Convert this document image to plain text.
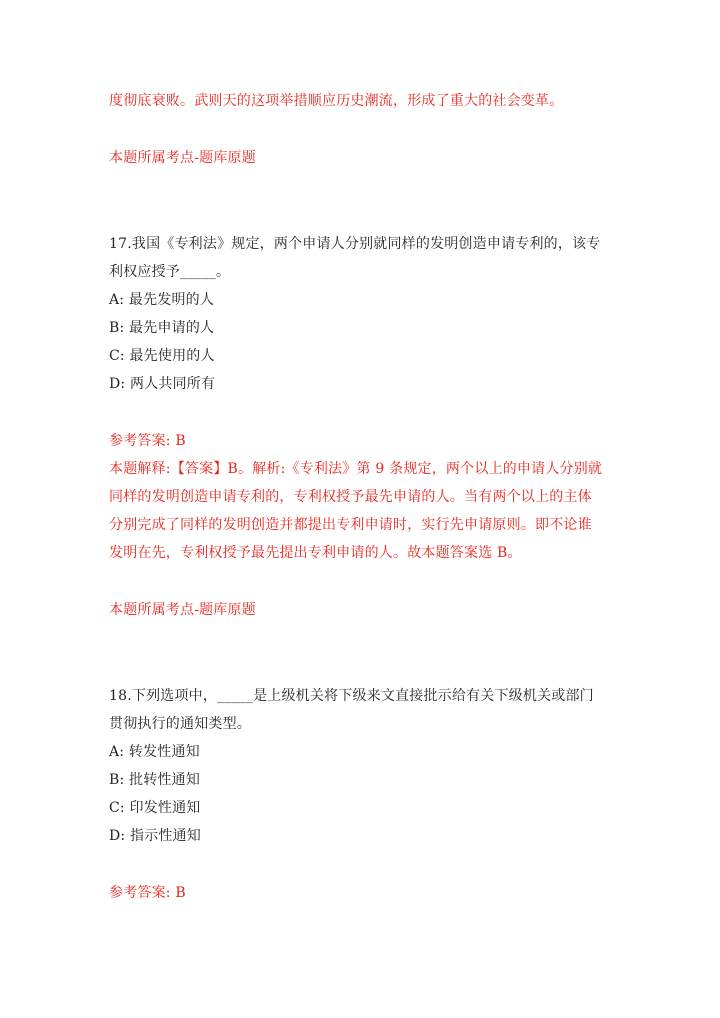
度彻底衰败。武则天的这项举措顺应历史潮流，形成了重大的社会变革。
本题所属考点-题库原题
17.我国《专利法》规定，两个申请人分别就同样的发明创造申请专利的，该专
利权应授予_____。
A: 最先发明的人
B: 最先申请的人
C: 最先使用的人
D: 两人共同所有
参考答案: B
本题解释:【答案】B。解析:《专利法》第 9 条规定，两个以上的申请人分别就
同样的发明创造申请专利的，专利权授予最先申请的人。当有两个以上的主体
分别完成了同样的发明创造并都提出专利申请时，实行先申请原则。即不论谁
发明在先，专利权授予最先提出专利申请的人。故本题答案选 B。
本题所属考点-题库原题
18.下列选项中，_____是上级机关将下级来文直接批示给有关下级机关或部门
贯彻执行的通知类型。
A: 转发性通知
B: 批转性通知
C: 印发性通知
D: 指示性通知
参考答案: B
